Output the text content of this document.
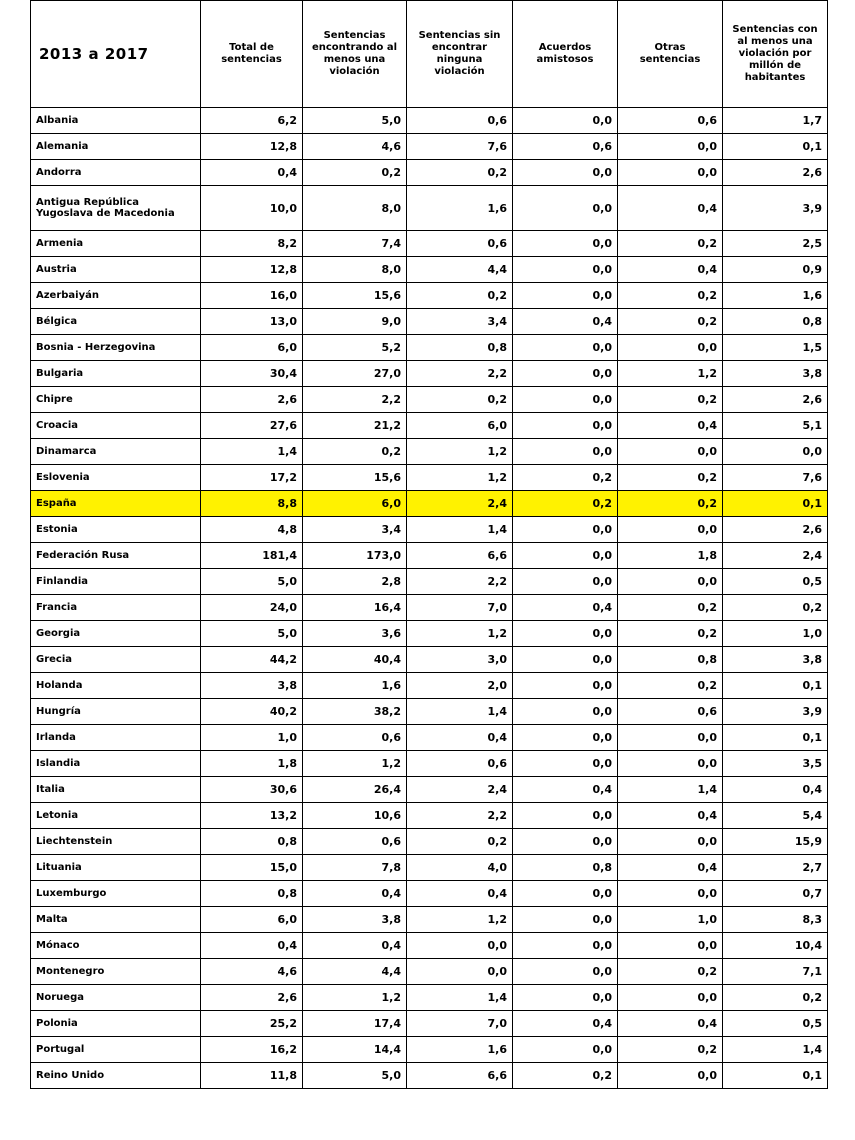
2013 a 2017	Total de sentencias	Sentencias encontrando al menos una violación	Sentencias sin encontrar ninguna violación	Acuerdos amistosos	Otras sentencias	Sentencias con al menos una violación por millón de habitantes
Albania	6,2	5,0	0,6	0,0	0,6	1,7
Alemania	12,8	4,6	7,6	0,6	0,0	0,1
Andorra	0,4	0,2	0,2	0,0	0,0	2,6
Antigua República Yugoslava de Macedonia	10,0	8,0	1,6	0,0	0,4	3,9
Armenia	8,2	7,4	0,6	0,0	0,2	2,5
Austria	12,8	8,0	4,4	0,0	0,4	0,9
Azerbaiyán	16,0	15,6	0,2	0,0	0,2	1,6
Bélgica	13,0	9,0	3,4	0,4	0,2	0,8
Bosnia - Herzegovina	6,0	5,2	0,8	0,0	0,0	1,5
Bulgaria	30,4	27,0	2,2	0,0	1,2	3,8
Chipre	2,6	2,2	0,2	0,0	0,2	2,6
Croacia	27,6	21,2	6,0	0,0	0,4	5,1
Dinamarca	1,4	0,2	1,2	0,0	0,0	0,0
Eslovenia	17,2	15,6	1,2	0,2	0,2	7,6
España	8,8	6,0	2,4	0,2	0,2	0,1
Estonia	4,8	3,4	1,4	0,0	0,0	2,6
Federación Rusa	181,4	173,0	6,6	0,0	1,8	2,4
Finlandia	5,0	2,8	2,2	0,0	0,0	0,5
Francia	24,0	16,4	7,0	0,4	0,2	0,2
Georgia	5,0	3,6	1,2	0,0	0,2	1,0
Grecia	44,2	40,4	3,0	0,0	0,8	3,8
Holanda	3,8	1,6	2,0	0,0	0,2	0,1
Hungría	40,2	38,2	1,4	0,0	0,6	3,9
Irlanda	1,0	0,6	0,4	0,0	0,0	0,1
Islandia	1,8	1,2	0,6	0,0	0,0	3,5
Italia	30,6	26,4	2,4	0,4	1,4	0,4
Letonia	13,2	10,6	2,2	0,0	0,4	5,4
Liechtenstein	0,8	0,6	0,2	0,0	0,0	15,9
Lituania	15,0	7,8	4,0	0,8	0,4	2,7
Luxemburgo	0,8	0,4	0,4	0,0	0,0	0,7
Malta	6,0	3,8	1,2	0,0	1,0	8,3
Mónaco	0,4	0,4	0,0	0,0	0,0	10,4
Montenegro	4,6	4,4	0,0	0,0	0,2	7,1
Noruega	2,6	1,2	1,4	0,0	0,0	0,2
Polonia	25,2	17,4	7,0	0,4	0,4	0,5
Portugal	16,2	14,4	1,6	0,0	0,2	1,4
Reino Unido	11,8	5,0	6,6	0,2	0,0	0,1
